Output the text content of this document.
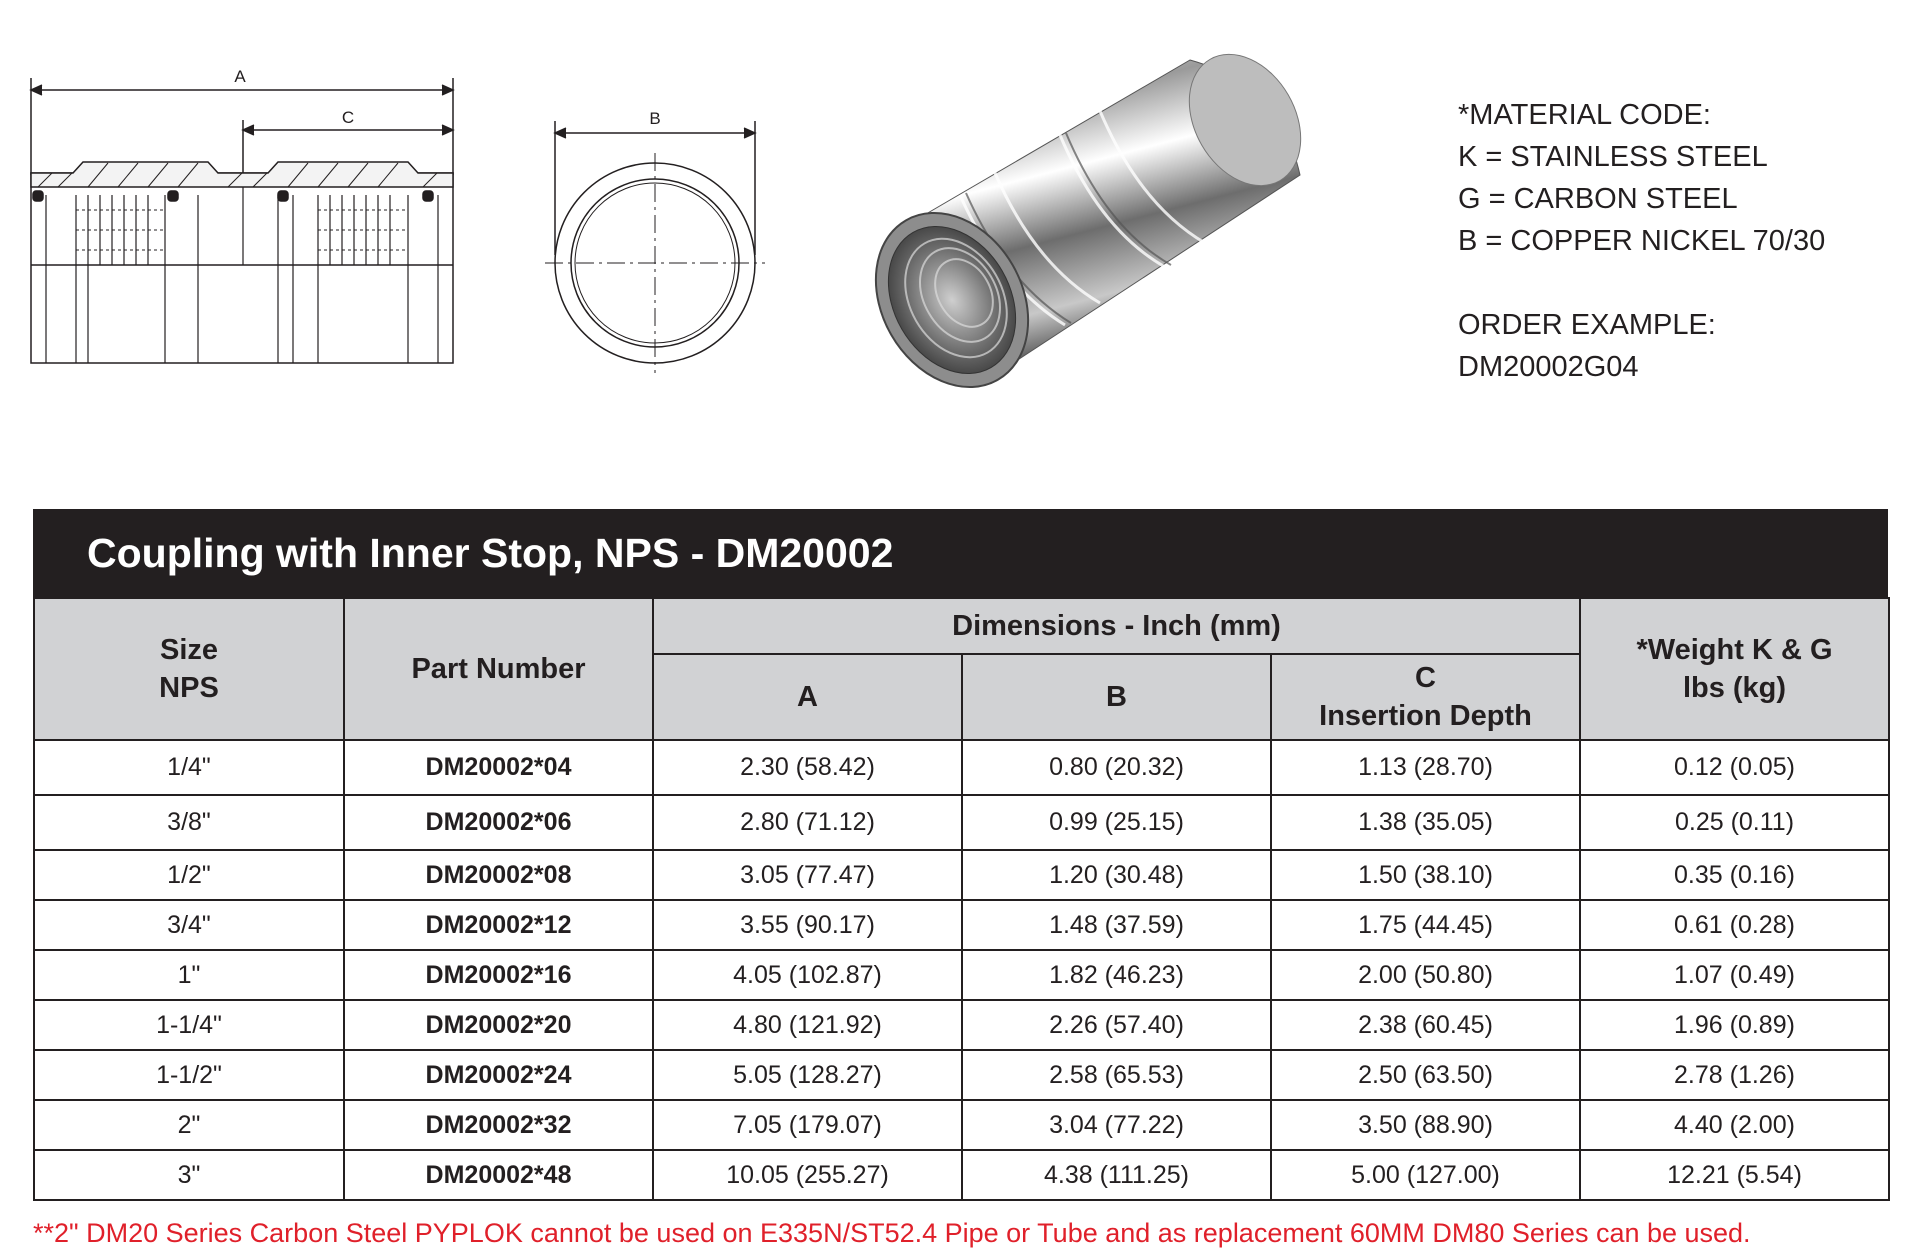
A
C	B	*MATERIAL CODE:
K = STAINLESS STEEL
G = CARBON STEEL
B = COPPER NICKEL 70/30
ORDER EXAMPLE:
DM20002G04
Coupling with Inner Stop, NPS - DM20002
Size
NPS	Part Number	Dimensions - Inch (mm)			*Weight K & G
lbs (kg)
		A	B	C
Insertion Depth	
1/4"	DM20002*04	2.30 (58.42)	0.80 (20.32)	1.13 (28.70)	0.12 (0.05)
3/8"	DM20002*06	2.80 (71.12)	0.99 (25.15)	1.38 (35.05)	0.25 (0.11)
1/2"	DM20002*08	3.05 (77.47)	1.20 (30.48)	1.50 (38.10)	0.35 (0.16)
3/4"	DM20002*12	3.55 (90.17)	1.48 (37.59)	1.75 (44.45)	0.61 (0.28)
1"	DM20002*16	4.05 (102.87)	1.82 (46.23)	2.00 (50.80)	1.07 (0.49)
1-1/4"	DM20002*20	4.80 (121.92)	2.26 (57.40)	2.38 (60.45)	1.96 (0.89)
1-1/2"	DM20002*24	5.05 (128.27)	2.58 (65.53)	2.50 (63.50)	2.78 (1.26)
2"	DM20002*32	7.05 (179.07)	3.04 (77.22)	3.50 (88.90)	4.40 (2.00)
3"	DM20002*48	10.05 (255.27)	4.38 (111.25)	5.00 (127.00)	12.21 (5.54)
**2" DM20 Series Carbon Steel PYPLOK cannot be used on E335N/ST52.4 Pipe or Tube and as replacement 60MM DM80 Series can be used.
